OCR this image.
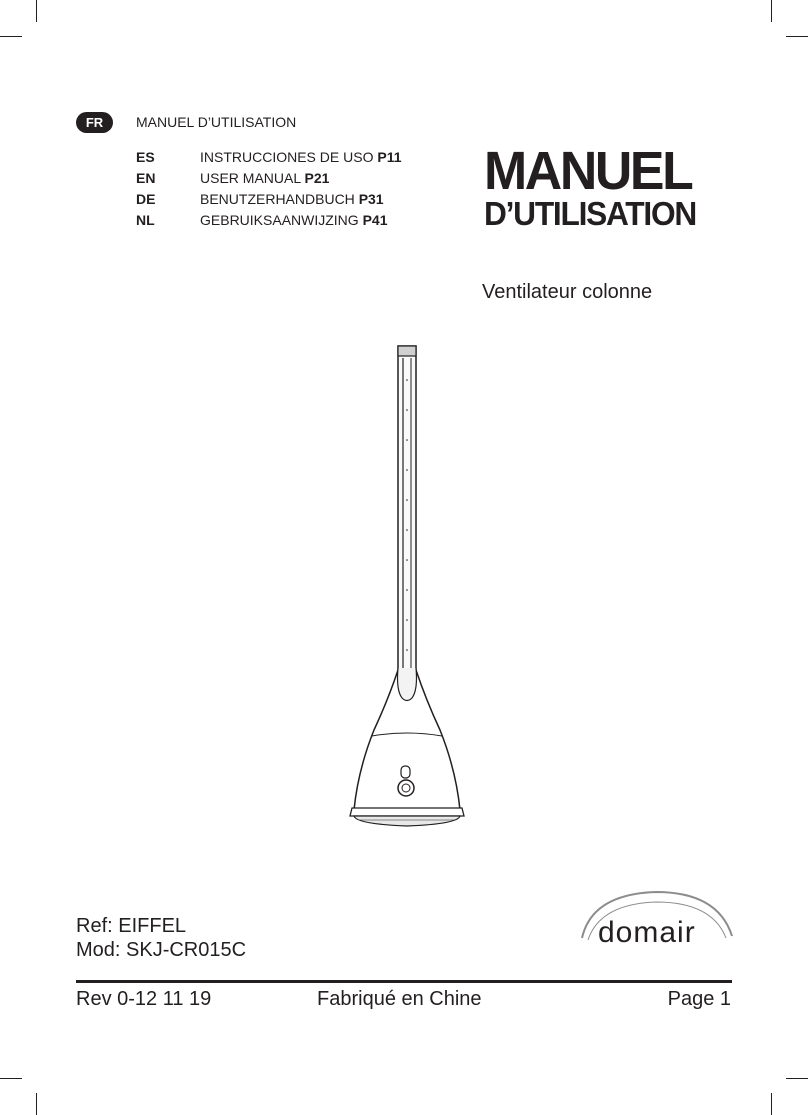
FR	MANUEL D’UTILISATION
ES	INSTRUCCIONES DE USO P11
EN	USER MANUAL P21
DE	BENUTZERHANDBUCH P31
NL	GEBRUIKSAANWIJZING P41
MANUEL
D’UTILISATION
Ventilateur colonne
Ref: EIFFEL
Mod: SKJ-CR015C
domair
Rev 0-12 11 19	Fabriqué en Chine	Page 1
